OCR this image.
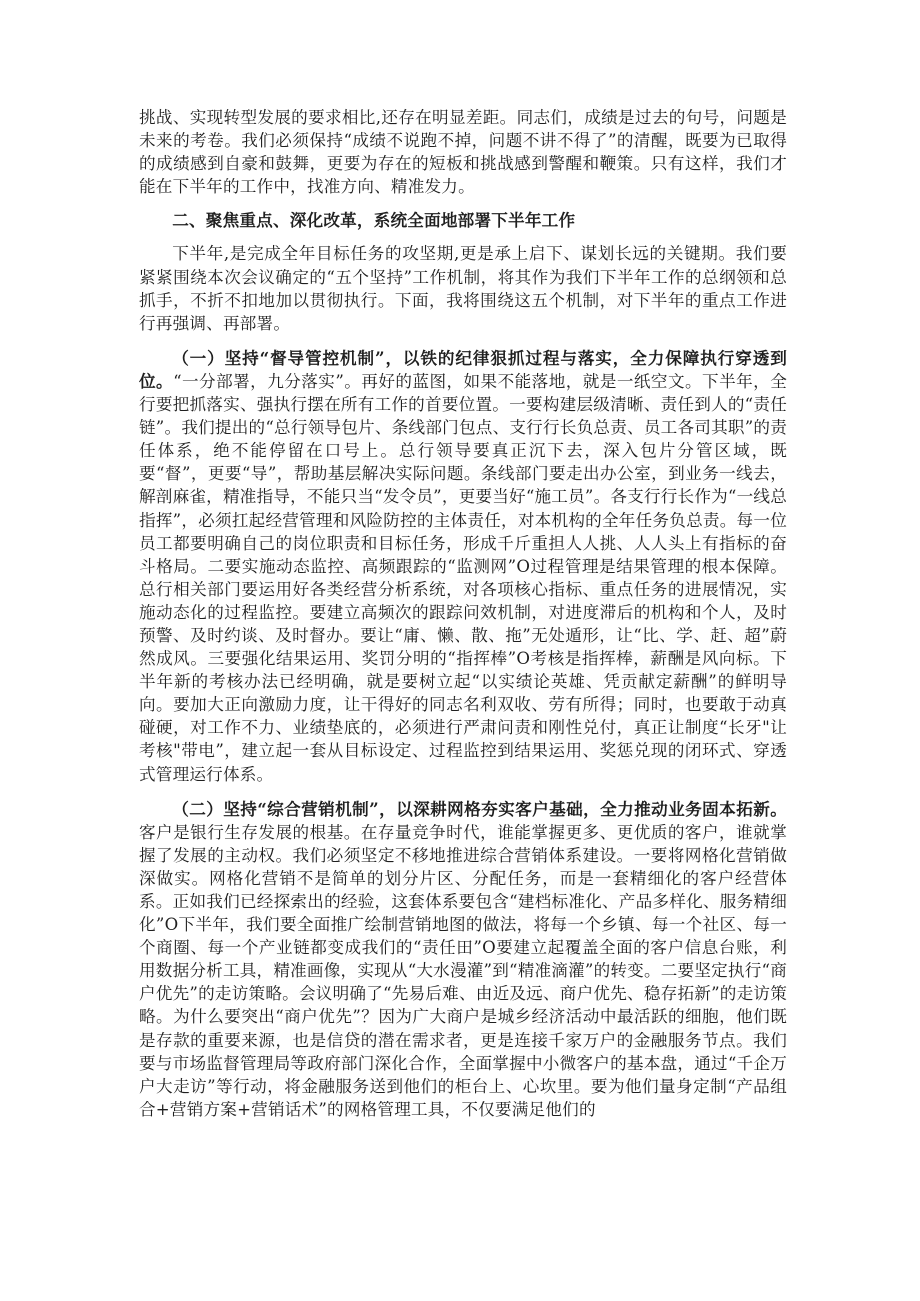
挑战、实现转型发展的要求相比,还存在明显差距。同志们，成绩是过去的句号，问题是未来的考卷。我们必须保持“成绩不说跑不掉，问题不讲不得了”的清醒，既要为已取得的成绩感到自豪和鼓舞，更要为存在的短板和挑战感到警醒和鞭策。只有这样，我们才能在下半年的工作中，找准方向、精准发力。

二、聚焦重点、深化改革，系统全面地部署下半年工作

下半年,是完成全年目标任务的攻坚期,更是承上启下、谋划长远的关键期。我们要紧紧围绕本次会议确定的“五个坚持”工作机制，将其作为我们下半年工作的总纲领和总抓手，不折不扣地加以贯彻执行。下面，我将围绕这五个机制，对下半年的重点工作进行再强调、再部署。

（一）坚持“督导管控机制”，以铁的纪律狠抓过程与落实，全力保障执行穿透到位。“一分部署，九分落实”。再好的蓝图，如果不能落地，就是一纸空文。下半年，全行要把抓落实、强执行摆在所有工作的首要位置。一要构建层级清晰、责任到人的“责任链”。我们提出的“总行领导包片、条线部门包点、支行行长负总责、员工各司其职”的责任体系，绝不能停留在口号上。总行领导要真正沉下去，深入包片分管区域，既要“督”，更要“导”，帮助基层解决实际问题。条线部门要走出办公室，到业务一线去，解剖麻雀，精准指导，不能只当“发令员”，更要当好“施工员”。各支行行长作为“一线总指挥”，必须扛起经营管理和风险防控的主体责任，对本机构的全年任务负总责。每一位员工都要明确自己的岗位职责和目标任务，形成千斤重担人人挑、人人头上有指标的奋斗格局。二要实施动态监控、高频跟踪的“监测网”O过程管理是结果管理的根本保障。总行相关部门要运用好各类经营分析系统，对各项核心指标、重点任务的进展情况，实施动态化的过程监控。要建立高频次的跟踪问效机制，对进度滞后的机构和个人，及时预警、及时约谈、及时督办。要让“庸、懒、散、拖”无处遁形，让“比、学、赶、超”蔚然成风。三要强化结果运用、奖罚分明的“指挥棒”O考核是指挥棒，薪酬是风向标。下半年新的考核办法已经明确，就是要树立起“以实绩论英雄、凭贡献定薪酬”的鲜明导向。要加大正向激励力度，让干得好的同志名利双收、劳有所得；同时，也要敢于动真碰硬，对工作不力、业绩垫底的，必须进行严肃问责和刚性兑付，真正让制度“长牙"让考核"带电”，建立起一套从目标设定、过程监控到结果运用、奖惩兑现的闭环式、穿透式管理运行体系。

（二）坚持“综合营销机制”，以深耕网格夯实客户基础，全力推动业务固本拓新。客户是银行生存发展的根基。在存量竞争时代，谁能掌握更多、更优质的客户，谁就掌握了发展的主动权。我们必须坚定不移地推进综合营销体系建设。一要将网格化营销做深做实。网格化营销不是简单的划分片区、分配任务，而是一套精细化的客户经营体系。正如我们已经探索出的经验，这套体系要包含“建档标准化、产品多样化、服务精细化”O下半年，我们要全面推广绘制营销地图的做法，将每一个乡镇、每一个社区、每一个商圈、每一个产业链都变成我们的“责任田”O要建立起覆盖全面的客户信息台账，利用数据分析工具，精准画像，实现从“大水漫灌”到“精准滴灌”的转变。二要坚定执行“商户优先”的走访策略。会议明确了“先易后难、由近及远、商户优先、稳存拓新”的走访策略。为什么要突出“商户优先”？因为广大商户是城乡经济活动中最活跃的细胞，他们既是存款的重要来源，也是信贷的潜在需求者，更是连接千家万户的金融服务节点。我们要与市场监督管理局等政府部门深化合作，全面掌握中小微客户的基本盘，通过“千企万户大走访”等行动，将金融服务送到他们的柜台上、心坎里。要为他们量身定制“产品组合+营销方案+营销话术”的网格管理工具，不仅要满足他们的
